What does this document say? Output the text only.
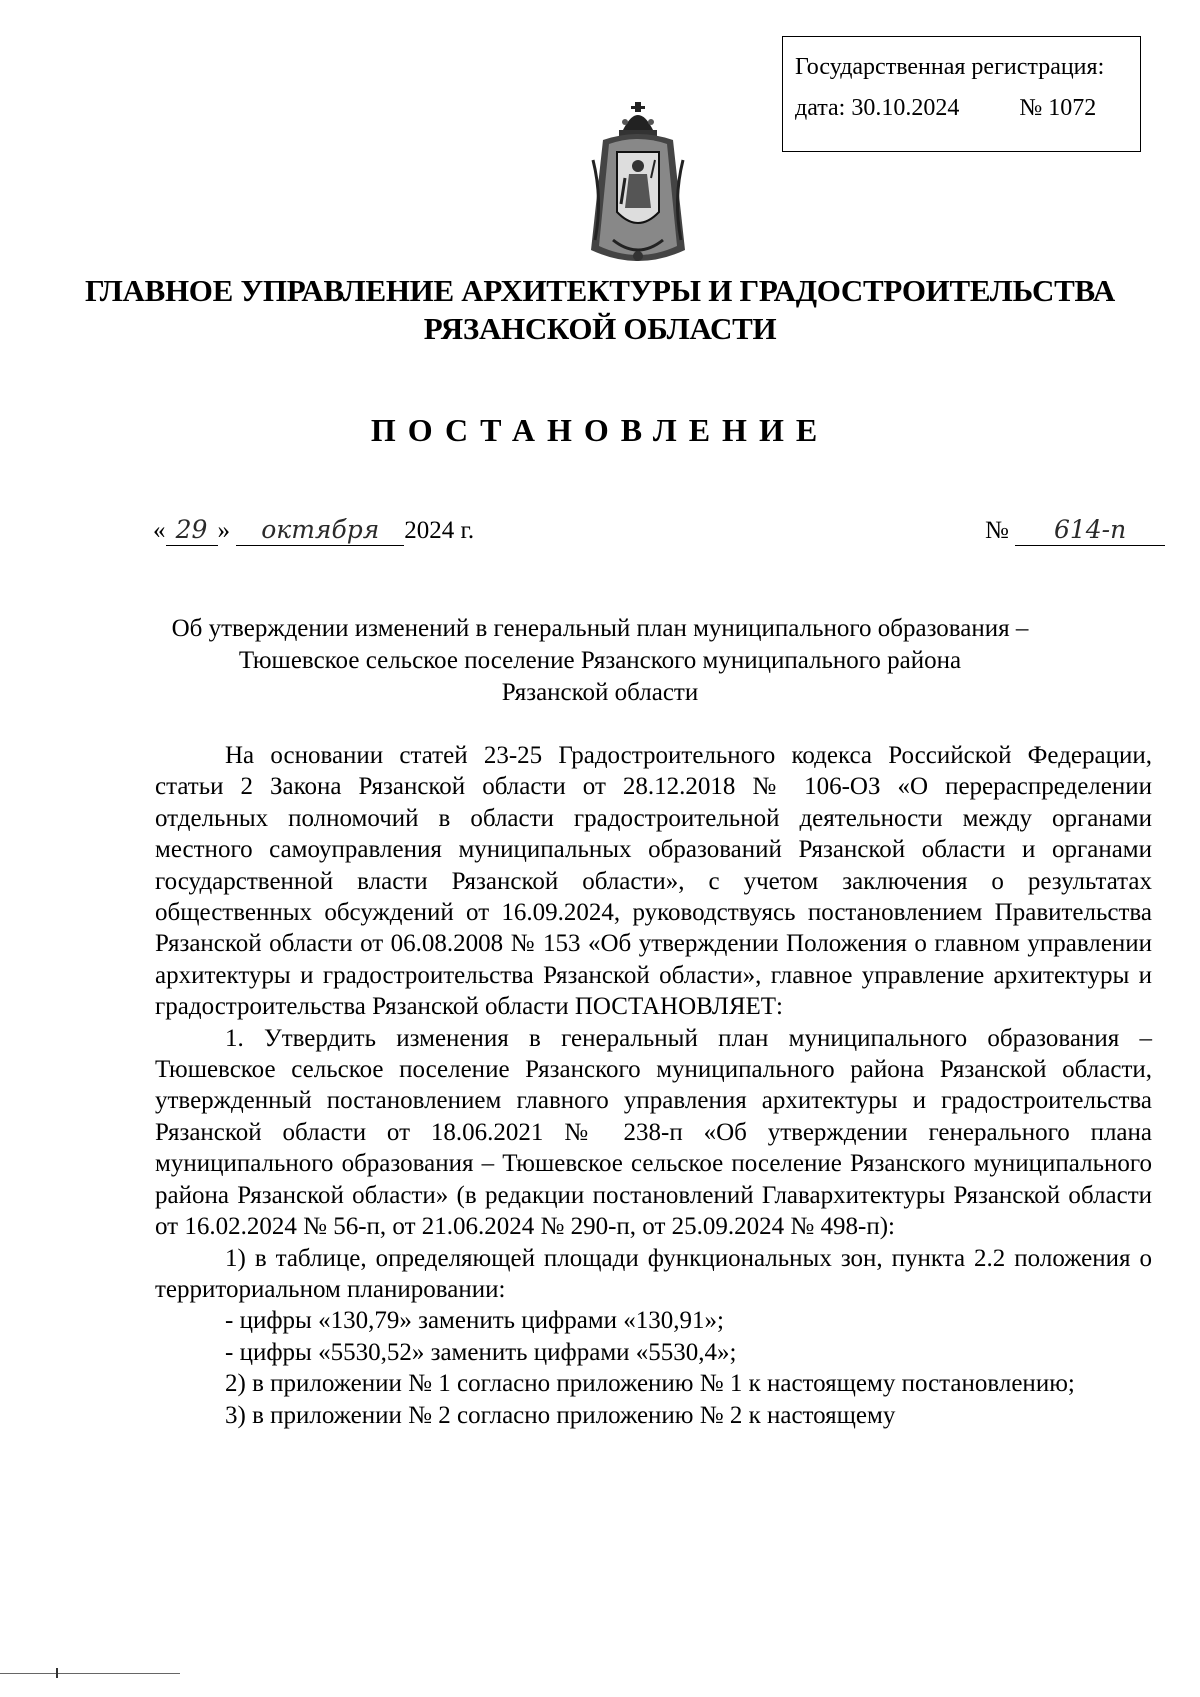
Государственная регистрация:
дата: 30.10.2024	№ 1072
ГЛАВНОЕ УПРАВЛЕНИЕ АРХИТЕКТУРЫ И ГРАДОСТРОИТЕЛЬСТВА
РЯЗАНСКОЙ ОБЛАСТИ
ПОСТАНОВЛЕНИЕ
« 29 » октября 2024 г.	№ 614-п
Об утверждении изменений в генеральный план муниципального образования –
Тюшевское сельское поселение Рязанского муниципального района
Рязанской области

На основании статей 23-25 Градостроительного кодекса Российской Федерации, статьи 2 Закона Рязанской области от 28.12.2018 № 106-ОЗ «О перераспределении отдельных полномочий в области градостроительной деятельности между органами местного самоуправления муниципальных образований Рязанской области и органами государственной власти Рязанской области», с учетом заключения о результатах общественных обсуждений от 16.09.2024, руководствуясь постановлением Правительства Рязанской области от 06.08.2008 № 153 «Об утверждении Положения о главном управлении архитектуры и градостроительства Рязанской области», главное управление архитектуры и градостроительства Рязанской области ПОСТАНОВЛЯЕТ:

1. Утвердить изменения в генеральный план муниципального образования – Тюшевское сельское поселение Рязанского муниципального района Рязанской области, утвержденный постановлением главного управления архитектуры и градостроительства Рязанской области от 18.06.2021 № 238-п «Об утверждении генерального плана муниципального образования – Тюшевское сельское поселение Рязанского муниципального района Рязанской области» (в редакции постановлений Главархитектуры Рязанской области от 16.02.2024 № 56-п, от 21.06.2024 № 290-п, от 25.09.2024 № 498-п):

1) в таблице, определяющей площади функциональных зон, пункта 2.2 положения о территориальном планировании:

- цифры «130,79» заменить цифрами «130,91»;

- цифры «5530,52» заменить цифрами «5530,4»;

2) в приложении № 1 согласно приложению № 1 к настоящему постановлению;

3) в приложении № 2 согласно приложению № 2 к настоящему
